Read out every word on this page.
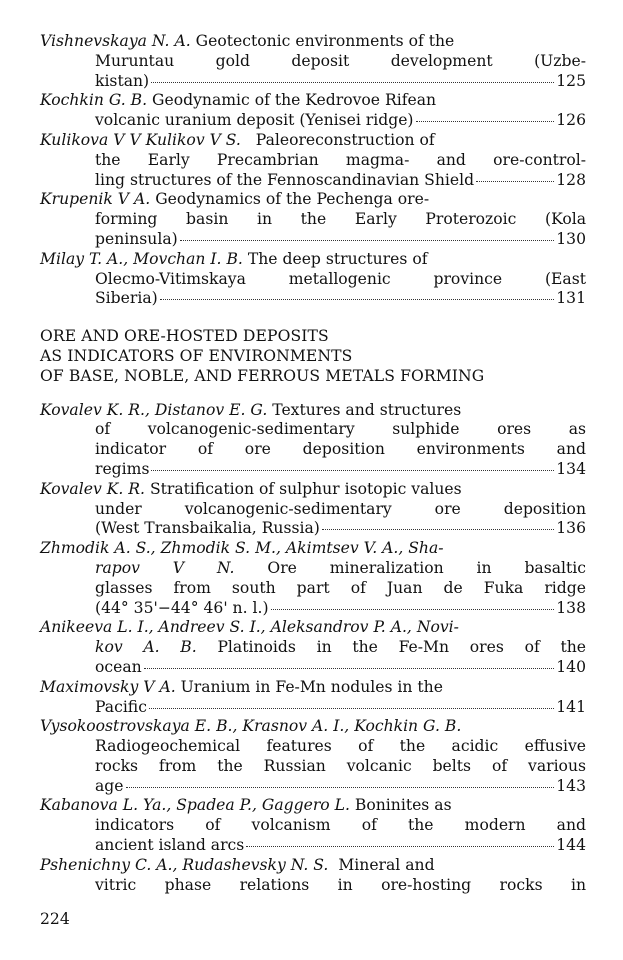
Vishnevskaya N. A. Geotectonic environments of the
Muruntau gold deposit development (Uzbe-
kistan)	125

Kochkin G. B. Geodynamic of the Kedrovoe Rifean
volcanic uranium deposit (Yenisei ridge)	126

Kulikova V V Kulikov V S. Paleoreconstruction of
the Early Precambrian magma- and ore-control-
ling structures of the Fennoscandinavian Shield	128

Krupenik V A. Geodynamics of the Pechenga ore-
forming basin in the Early Proterozoic (Kola
peninsula)	130

Milay T. A., Movchan I. B. The deep structures of
Olecmo-Vitimskaya metallogenic province (East
Siberia)	131

ORE AND ORE-HOSTED DEPOSITS
AS INDICATORS OF ENVIRONMENTS
OF BASE, NOBLE, AND FERROUS METALS FORMING

Kovalev K. R., Distanov E. G. Textures and structures
of volcanogenic-sedimentary sulphide ores as
indicator of ore deposition environments and
regims	134

Kovalev K. R. Stratification of sulphur isotopic values
under volcanogenic-sedimentary ore deposition
(West Transbaikalia, Russia)	136

Zhmodik A. S., Zhmodik S. M., Akimtsev V. A., Sha-
rapov V N. Ore mineralization in basaltic
glasses from south part of Juan de Fuka ridge
(44° 35'−44° 46' n. l.)	138

Anikeeva L. I., Andreev S. I., Aleksandrov P. A., Novi-
kov A. B. Platinoids in the Fe-Mn ores of the
ocean	140

Maximovsky V A. Uranium in Fe-Mn nodules in the
Pacific	141

Vysokoostrovskaya E. B., Krasnov A. I., Kochkin G. B.
Radiogeochemical features of the acidic effusive
rocks from the Russian volcanic belts of various
age	143

Kabanova L. Ya., Spadea P., Gaggero L. Boninites as
indicators of volcanism of the modern and
ancient island arcs	144

Pshenichny C. A., Rudashevsky N. S. Mineral and
vitric phase relations in ore-hosting rocks in

224
